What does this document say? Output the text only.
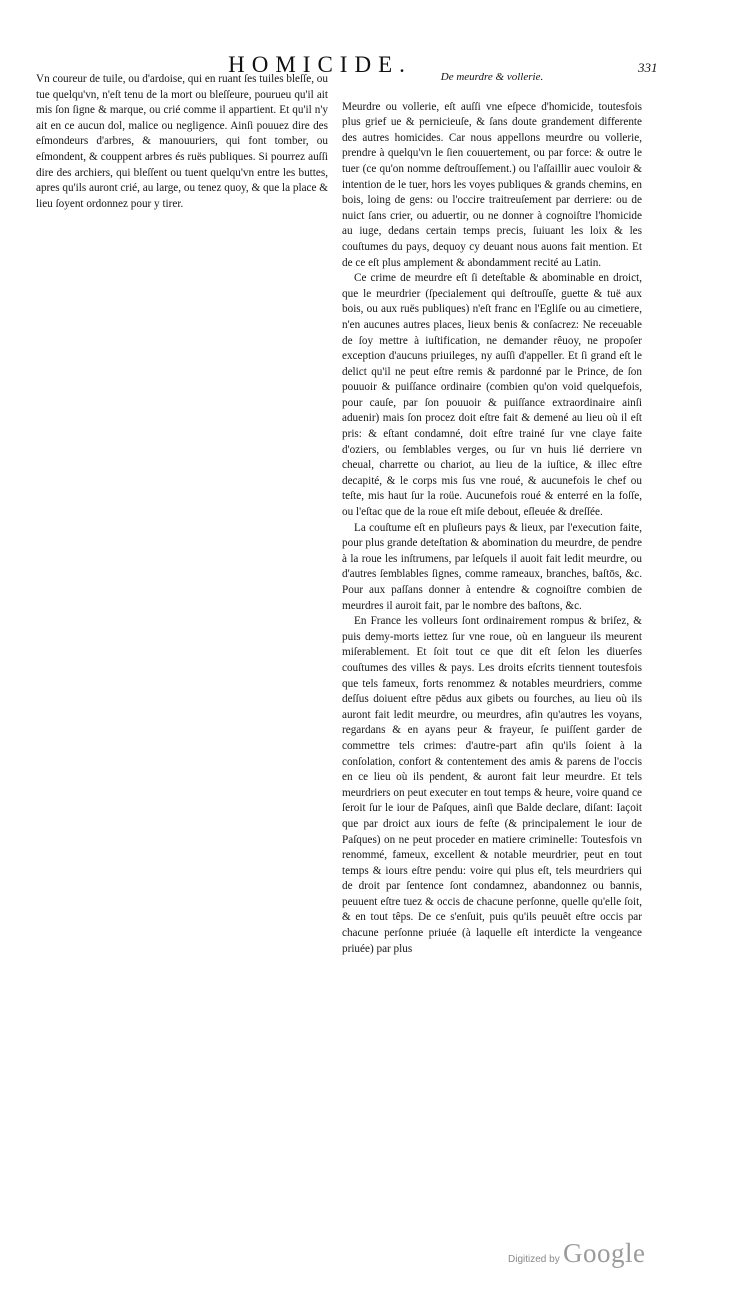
HOMICIDE.	331

Vn coureur de tuile, ou d'ardoise, qui en ruant ſes tuiles bleſſe, ou tue quelqu'vn, n'eſt tenu de la mort ou bleſſeure, pourueu qu'il ait mis ſon ſigne & marque, ou crié comme il appartient. Et qu'il n'y ait en ce aucun dol, malice ou negligence. Ainſi pouuez dire des eſmondeurs d'arbres, & manouuriers, qui font tomber, ou eſmondent, & couppent arbres és ruës publiques. Si pourrez auſſi dire des archiers, qui bleſſent ou tuent quelqu'vn entre les buttes, apres qu'ils auront crié, au large, ou tenez quoy, & que la place & lieu ſoyent ordonnez pour y tirer.

De meurdre & vollerie.

Meurdre ou vollerie, eſt auſſi vne eſpece d'homicide, toutesfois plus grief ue & pernicieuſe, & ſans doute grandement differente des autres homicides. Car nous appellons meurdre ou vollerie, prendre à quelqu'vn le ſien couuertement, ou par force: & outre le tuer (ce qu'on nomme deſtrouſſement.) ou l'aſſaillir auec vouloir & intention de le tuer, hors les voyes publiques & grands chemins, en bois, loing de gens: ou l'occire traitreuſement par derriere: ou de nuict ſans crier, ou aduertir, ou ne donner à cognoiſtre l'homicide au iuge, dedans certain temps precis, ſuiuant les loix & les couſtumes du pays, dequoy cy deuant nous auons fait mention. Et de ce eſt plus amplement & abondamment recité au Latin.

Ce crime de meurdre eſt ſi deteſtable & abominable en droict, que le meurdrier (ſpecialement qui deſtrouſſe, guette & tuë aux bois, ou aux ruës publiques) n'eſt franc en l'Egliſe ou au cimetiere, n'en aucunes autres places, lieux benis & conſacrez: Ne receuable de ſoy mettre à iuſtification, ne demander rêuoy, ne propoſer exception d'aucuns priuileges, ny auſſi d'appeller. Et ſi grand eſt le delict qu'il ne peut eſtre remis & pardonné par le Prince, de ſon pouuoir & puiſſance ordinaire (combien qu'on void quelquefois, pour cauſe, par ſon pouuoir & puiſſance extraordinaire ainſi aduenir) mais ſon procez doit eſtre fait & demené au lieu où il eſt pris: & eſtant condamné, doit eſtre trainé ſur vne claye faite d'oziers, ou ſemblables verges, ou ſur vn huis lié derriere vn cheual, charrette ou chariot, au lieu de la iuſtice, & illec eſtre decapité, & le corps mis ſus vne roué, & aucunefois le chef ou teſte, mis haut ſur la roüe. Aucunefois roué & enterré en la foſſe, ou l'eſtac que de la roue eſt miſe debout, eſleuée & dreſſée.

La couſtume eſt en pluſieurs pays & lieux, par l'execution faite, pour plus grande deteſtation & abomination du meurdre, de pendre à la roue les inſtrumens, par leſquels il auoit fait ledit meurdre, ou d'autres ſemblables ſignes, comme rameaux, branches, baſtōs, &c. Pour aux paſſans donner à entendre & cognoiſtre combien de meurdres il auroit fait, par le nombre des baſtons, &c.

En France les volleurs ſont ordinairement rompus & briſez, & puis demy-morts iettez ſur vne roue, où en langueur ils meurent miſerablement. Et ſoit tout ce que dit eſt ſelon les diuerſes couſtumes des villes & pays. Les droits eſcrits tiennent toutesfois que tels fameux, forts renommez & notables meurdriers, comme deſſus doiuent eſtre pēdus aux gibets ou fourches, au lieu où ils auront fait ledit meurdre, ou meurdres, afin qu'autres les voyans, regardans & en ayans peur & frayeur, ſe puiſſent garder de commettre tels crimes: d'autre-part afin qu'ils ſoient à la conſolation, confort & contentement des amis & parens de l'occis en ce lieu où ils pendent, & auront fait leur meurdre. Et tels meurdriers on peut executer en tout temps & heure, voire quand ce ſeroit ſur le iour de Paſques, ainſi que Balde declare, diſant: Iaçoit que par droict aux iours de feſte (& principalement le iour de Paſques) on ne peut proceder en matiere criminelle: Toutesfois vn renommé, fameux, excellent & notable meurdrier, peut en tout temps & iours eſtre pendu: voire qui plus eſt, tels meurdriers qui de droit par ſentence ſont condamnez, abandonnez ou bannis, peuuent eſtre tuez & occis de chacune perſonne, quelle qu'elle ſoit, & en tout têps. De ce s'enſuit, puis qu'ils peuuêt eſtre occis par chacune perſonne priuée (à laquelle eſt interdicte la vengeance priuée) par plus

Digitized by Google
